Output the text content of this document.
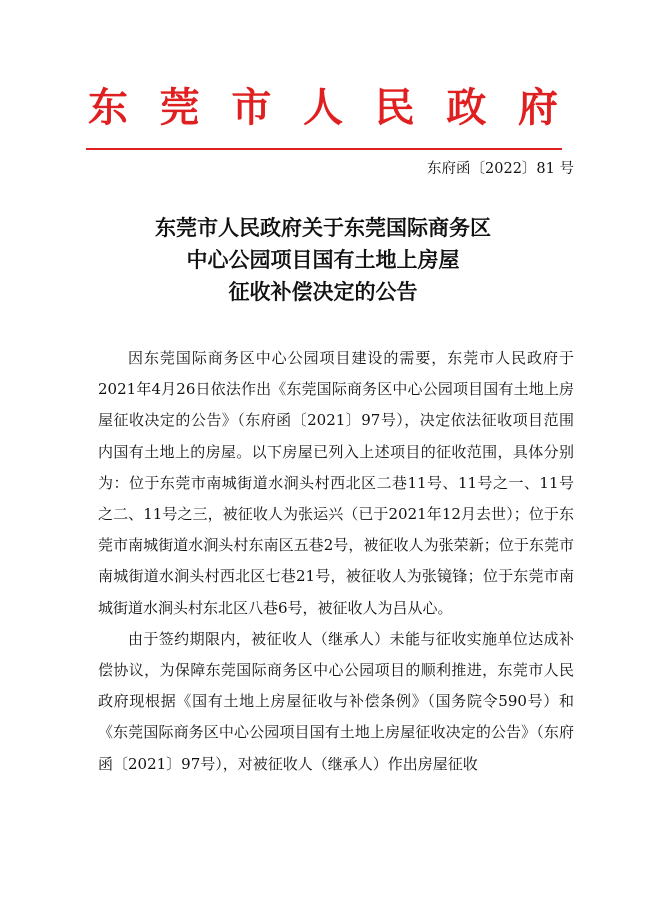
东 莞 市 人 民 政 府
东府函〔2022〕81 号
东莞市人民政府关于东莞国际商务区
中心公园项目国有土地上房屋
征收补偿决定的公告

因东莞国际商务区中心公园项目建设的需要，东莞市人民政府于2021年4月26日依法作出《东莞国际商务区中心公园项目国有土地上房屋征收决定的公告》（东府函〔2021〕97号），决定依法征收项目范围内国有土地上的房屋。以下房屋已列入上述项目的征收范围，具体分别为：位于东莞市南城街道水涧头村西北区二巷11号、11号之一、11号之二、11号之三，被征收人为张运兴（已于2021年12月去世）；位于东莞市南城街道水涧头村东南区五巷2号，被征收人为张荣新；位于东莞市南城街道水涧头村西北区七巷21号，被征收人为张镜锋；位于东莞市南城街道水涧头村东北区八巷6号，被征收人为吕从心。

由于签约期限内，被征收人（继承人）未能与征收实施单位达成补偿协议，为保障东莞国际商务区中心公园项目的顺利推进，东莞市人民政府现根据《国有土地上房屋征收与补偿条例》（国务院令590号）和《东莞国际商务区中心公园项目国有土地上房屋征收决定的公告》（东府函〔2021〕97号），对被征收人（继承人）作出房屋征收
